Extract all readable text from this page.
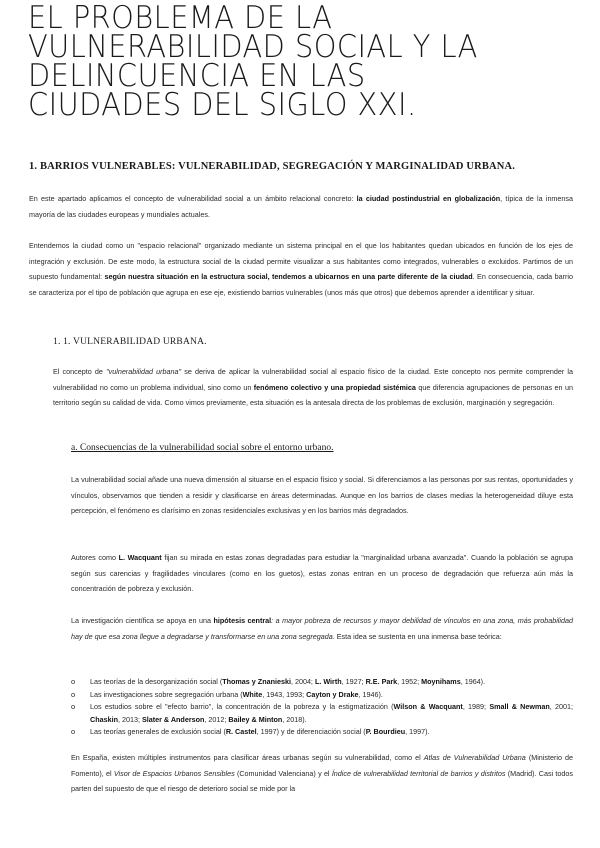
EL PROBLEMA DE LA
VULNERABILIDAD SOCIAL Y LA
DELINCUENCIA EN LAS
CIUDADES DEL SIGLO XXI.
1. BARRIOS VULNERABLES: VULNERABILIDAD, SEGREGACIÓN Y MARGINALIDAD URBANA.

En este apartado aplicamos el concepto de vulnerabilidad social a un ámbito relacional concreto: la ciudad postindustrial en globalización, típica de la inmensa mayoría de las ciudades europeas y mundiales actuales.

Entendemos la ciudad como un "espacio relacional" organizado mediante un sistema principal en el que los habitantes quedan ubicados en función de los ejes de integración y exclusión. De este modo, la estructura social de la ciudad permite visualizar a sus habitantes como integrados, vulnerables o excluidos. Partimos de un supuesto fundamental: según nuestra situación en la estructura social, tendemos a ubicarnos en una parte diferente de la ciudad. En consecuencia, cada barrio se caracteriza por el tipo de población que agrupa en ese eje, existiendo barrios vulnerables (unos más que otros) que debemos aprender a identificar y situar.

1. 1. VULNERABILIDAD URBANA.

El concepto de "vulnerabilidad urbana" se deriva de aplicar la vulnerabilidad social al espacio físico de la ciudad. Este concepto nos permite comprender la vulnerabilidad no como un problema individual, sino como un fenómeno colectivo y una propiedad sistémica que diferencia agrupaciones de personas en un territorio según su calidad de vida. Como vimos previamente, esta situación es la antesala directa de los problemas de exclusión, marginación y segregación.

a. Consecuencias de la vulnerabilidad social sobre el entorno urbano.

La vulnerabilidad social añade una nueva dimensión al situarse en el espacio físico y social. Si diferenciamos a las personas por sus rentas, oportunidades y vínculos, observamos que tienden a residir y clasificarse en áreas determinadas. Aunque en los barrios de clases medias la heterogeneidad diluye esta percepción, el fenómeno es clarísimo en zonas residenciales exclusivas y en los barrios más degradados.

Autores como L. Wacquant fijan su mirada en estas zonas degradadas para estudiar la "marginalidad urbana avanzada". Cuando la población se agrupa según sus carencias y fragilidades vinculares (como en los guetos), estas zonas entran en un proceso de degradación que refuerza aún más la concentración de pobreza y exclusión.

La investigación científica se apoya en una hipótesis central: a mayor pobreza de recursos y mayor debilidad de vínculos en una zona, más probabilidad hay de que esa zona llegue a degradarse y transformarse en una zona segregada. Esta idea se sustenta en una inmensa base teórica:

o Las teorías de la desorganización social (Thomas y Znanieski, 2004; L. Wirth, 1927; R.E. Park, 1952; Moynihams, 1964).
o Las investigaciones sobre segregación urbana (White, 1943, 1993; Cayton y Drake, 1946).
o Los estudios sobre el "efecto barrio", la concentración de la pobreza y la estigmatización (Wilson & Wacquant, 1989; Small & Newman, 2001; Chaskin, 2013; Slater & Anderson, 2012; Bailey & Minton, 2018).
o Las teorías generales de exclusión social (R. Castel, 1997) y de diferenciación social (P. Bourdieu, 1997).

En España, existen múltiples instrumentos para clasificar áreas urbanas según su vulnerabilidad, como el Atlas de Vulnerabilidad Urbana (Ministerio de Fomento), el Visor de Espacios Urbanos Sensibles (Comunidad Valenciana) y el Índice de vulnerabilidad territorial de barrios y distritos (Madrid). Casi todos parten del supuesto de que el riesgo de deterioro social se mide por la
